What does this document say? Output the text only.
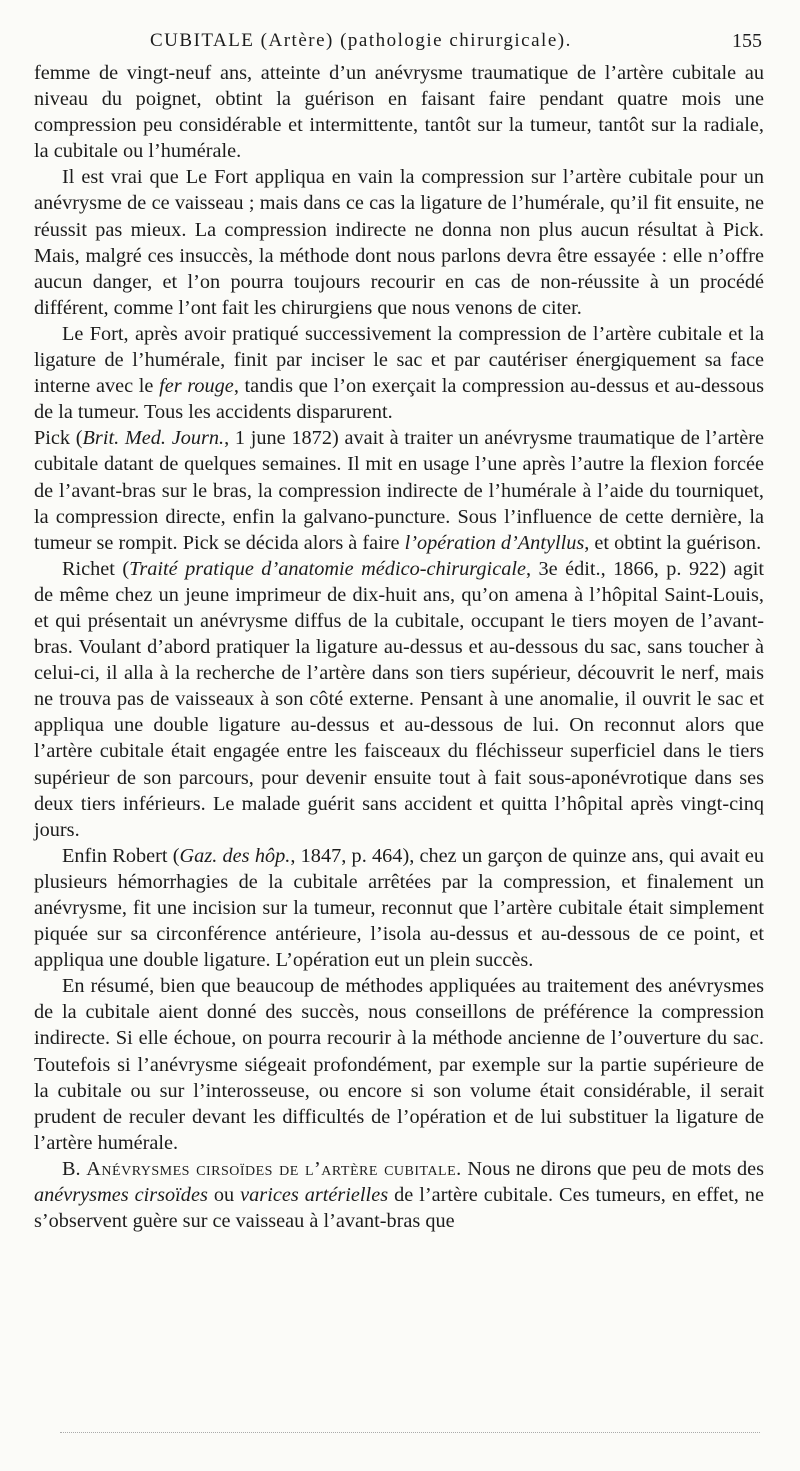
CUBITALE (Artère) (pathologie chirurgicale).	155

femme de vingt-neuf ans, atteinte d’un anévrysme traumatique de l’artère cubitale au niveau du poignet, obtint la guérison en faisant faire pendant quatre mois une compression peu considérable et intermittente, tantôt sur la tumeur, tantôt sur la radiale, la cubitale ou l’humérale.

Il est vrai que Le Fort appliqua en vain la compression sur l’artère cubitale pour un anévrysme de ce vaisseau ; mais dans ce cas la ligature de l’humérale, qu’il fit ensuite, ne réussit pas mieux. La compression indirecte ne donna non plus aucun résultat à Pick. Mais, malgré ces insuccès, la méthode dont nous parlons devra être essayée : elle n’offre aucun danger, et l’on pourra toujours recourir en cas de non-réussite à un procédé différent, comme l’ont fait les chirurgiens que nous venons de citer.

Le Fort, après avoir pratiqué successivement la compression de l’artère cubitale et la ligature de l’humérale, finit par inciser le sac et par cautériser énergiquement sa face interne avec le fer rouge, tandis que l’on exerçait la compression au-dessus et au-dessous de la tumeur. Tous les accidents disparurent.

Pick (Brit. Med. Journ., 1 june 1872) avait à traiter un anévrysme traumatique de l’artère cubitale datant de quelques semaines. Il mit en usage l’une après l’autre la flexion forcée de l’avant-bras sur le bras, la compression indirecte de l’humérale à l’aide du tourniquet, la compression directe, enfin la galvano-puncture. Sous l’influence de cette dernière, la tumeur se rompit. Pick se décida alors à faire l’opération d’Antyllus, et obtint la guérison.

Richet (Traité pratique d’anatomie médico-chirurgicale, 3e édit., 1866, p. 922) agit de même chez un jeune imprimeur de dix-huit ans, qu’on amena à l’hôpital Saint-Louis, et qui présentait un anévrysme diffus de la cubitale, occupant le tiers moyen de l’avant-bras. Voulant d’abord pratiquer la ligature au-dessus et au-dessous du sac, sans toucher à celui-ci, il alla à la recherche de l’artère dans son tiers supérieur, découvrit le nerf, mais ne trouva pas de vaisseaux à son côté externe. Pensant à une anomalie, il ouvrit le sac et appliqua une double ligature au-dessus et au-dessous de lui. On reconnut alors que l’artère cubitale était engagée entre les faisceaux du fléchisseur superficiel dans le tiers supérieur de son parcours, pour devenir ensuite tout à fait sous-aponévrotique dans ses deux tiers inférieurs. Le malade guérit sans accident et quitta l’hôpital après vingt-cinq jours.

Enfin Robert (Gaz. des hôp., 1847, p. 464), chez un garçon de quinze ans, qui avait eu plusieurs hémorrhagies de la cubitale arrêtées par la compression, et finalement un anévrysme, fit une incision sur la tumeur, reconnut que l’artère cubitale était simplement piquée sur sa circonférence antérieure, l’isola au-dessus et au-dessous de ce point, et appliqua une double ligature. L’opération eut un plein succès.

En résumé, bien que beaucoup de méthodes appliquées au traitement des anévrysmes de la cubitale aient donné des succès, nous conseillons de préférence la compression indirecte. Si elle échoue, on pourra recourir à la méthode ancienne de l’ouverture du sac. Toutefois si l’anévrysme siégeait profondément, par exemple sur la partie supérieure de la cubitale ou sur l’interosseuse, ou encore si son volume était considérable, il serait prudent de reculer devant les difficultés de l’opération et de lui substituer la ligature de l’artère humérale.

B. Anévrysmes cirsoïdes de l’artère cubitale. Nous ne dirons que peu de mots des anévrysmes cirsoïdes ou varices artérielles de l’artère cubitale. Ces tumeurs, en effet, ne s’observent guère sur ce vaisseau à l’avant-bras que
